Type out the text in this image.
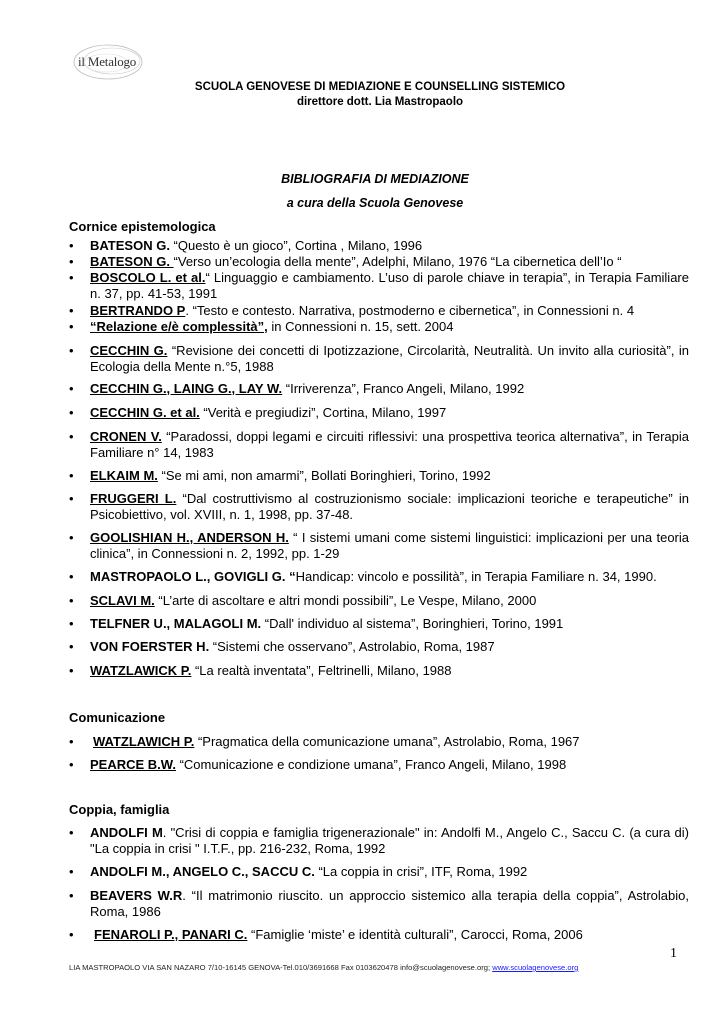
il Metalogo
SCUOLA GENOVESE DI MEDIAZIONE E COUNSELLING SISTEMICO
direttore dott. Lia Mastropaolo
BIBLIOGRAFIA DI MEDIAZIONE
a cura della Scuola Genovese
Cornice epistemologica
• BATESON G. “Questo è un gioco”, Cortina , Milano, 1996
• BATESON G. “Verso un’ecologia della mente”, Adelphi, Milano, 1976 “La cibernetica dell’Io “
• BOSCOLO L. et al.“ Linguaggio e cambiamento. L’uso di parole chiave in terapia”, in Terapia Familiare n. 37, pp. 41-53, 1991
• BERTRANDO P. “Testo e contesto. Narrativa, postmoderno e cibernetica”, in Connessioni n. 4
• “Relazione e/è complessità”, in Connessioni n. 15, sett. 2004
• CECCHIN G. “Revisione dei concetti di Ipotizzazione, Circolarità, Neutralità. Un invito alla curiosità”, in Ecologia della Mente n.°5, 1988
• CECCHIN G., LAING G., LAY W. “Irriverenza”, Franco Angeli, Milano, 1992
• CECCHIN G. et al. “Verità e pregiudizi”, Cortina, Milano, 1997
• CRONEN V. “Paradossi, doppi legami e circuiti riflessivi: una prospettiva teorica alternativa”, in Terapia Familiare n° 14, 1983
• ELKAIM M. “Se mi ami, non amarmi”, Bollati Boringhieri, Torino, 1992
• FRUGGERI L. “Dal costruttivismo al costruzionismo sociale: implicazioni teoriche e terapeutiche” in Psicobiettivo, vol. XVIII, n. 1, 1998, pp. 37-48.
• GOOLISHIAN H., ANDERSON H. “ I sistemi umani come sistemi linguistici: implicazioni per una teoria clinica”, in Connessioni n. 2, 1992, pp. 1-29
• MASTROPAOLO L., GOVIGLI G. “Handicap: vincolo e possilità”, in Terapia Familiare n. 34, 1990.
• SCLAVI M. “L’arte di ascoltare e altri mondi possibili”, Le Vespe, Milano, 2000
• TELFNER U., MALAGOLI M. “Dall' individuo al sistema”, Boringhieri, Torino, 1991
• VON FOERSTER H. “Sistemi che osservano”, Astrolabio, Roma, 1987
• WATZLAWICK P. “La realtà inventata”, Feltrinelli, Milano, 1988
Comunicazione
• WATZLAWICH P. “Pragmatica della comunicazione umana”, Astrolabio, Roma, 1967
• PEARCE B.W. “Comunicazione e condizione umana”, Franco Angeli, Milano, 1998
Coppia, famiglia
• ANDOLFI M. "Crisi di coppia e famiglia trigenerazionale" in: Andolfi M., Angelo C., Saccu C. (a cura di) "La coppia in crisi " I.T.F., pp. 216-232, Roma, 1992
• ANDOLFI M., ANGELO C., SACCU C. “La coppia in crisi”, ITF, Roma, 1992
• BEAVERS W.R. “Il matrimonio riuscito. un approccio sistemico alla terapia della coppia”, Astrolabio, Roma, 1986
• FENAROLI P., PANARI C. “Famiglie ‘miste’ e identità culturali”, Carocci, Roma, 2006
1
LIA MASTROPAOLO VIA SAN NAZARO 7/10-16145 GENOVA-Tel.010/3691668 Fax 0103620478 info@scuolagenovese.org; www.scuolagenovese.org
